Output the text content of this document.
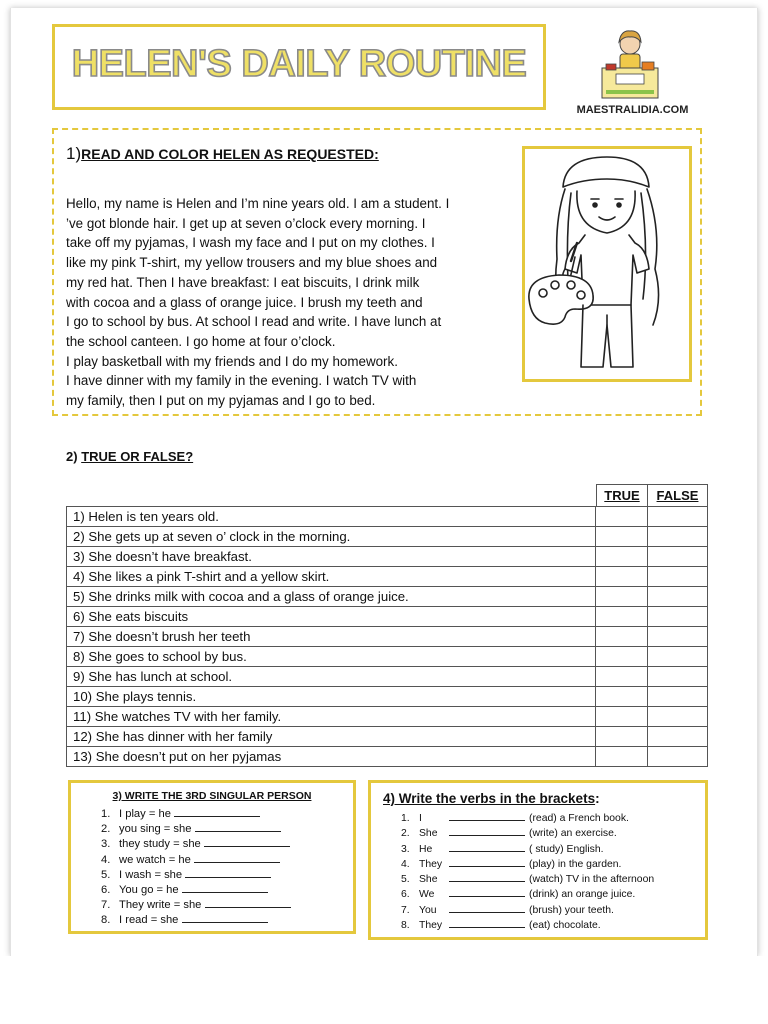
HELEN'S DAILY ROUTINE
MAESTRALIDIA.COM
1)READ AND COLOR HELEN AS REQUESTED:

Hello, my name is Helen and I’m nine years old. I am a student. I

’ve got blonde hair. I get up at seven o’clock every morning. I

take off my pyjamas, I wash my face and I put on my clothes. I

like my pink T-shirt, my yellow trousers and my blue shoes and

my red hat. Then I have breakfast: I eat biscuits, I drink milk

with cocoa and a glass of orange juice. I brush my teeth and

I go to school by bus. At school I read and write. I have lunch at

the school canteen. I go home at four o’clock.

I play basketball with my friends and I do my homework.

I have dinner with my family in the evening. I watch TV with

my family, then I put on my pyjamas and I go to bed.

2) TRUE OR FALSE?
TRUE	FALSE
1) Helen is ten years old.		
2) She gets up at seven o’ clock in the morning.		
3) She doesn’t have breakfast.		
4) She likes a pink T-shirt and a yellow skirt.		
5) She drinks milk with cocoa and a glass of orange juice.		
6) She eats biscuits		
7) She doesn’t brush her teeth		
8) She goes to school by bus.		
9) She has lunch at school.		
10) She plays tennis.		
11) She watches TV with her family.		
12) She has dinner with her family		
13) She doesn’t put on her pyjamas		
3) WRITE THE 3RD SINGULAR PERSON
1. I play = he
2. you sing = she
3. they study = she
4. we watch = he
5. I wash = she
6. You go = he
7. They write = she
8. I read = she
4) Write the verbs in the brackets:
1. I	(read) a French book.
2. She	(write) an exercise.
3. He	( study) English.
4. They	(play) in the garden.
5. She	(watch) TV in the afternoon
6. We	(drink) an orange juice.
7. You	(brush) your teeth.
8. They	(eat) chocolate.
